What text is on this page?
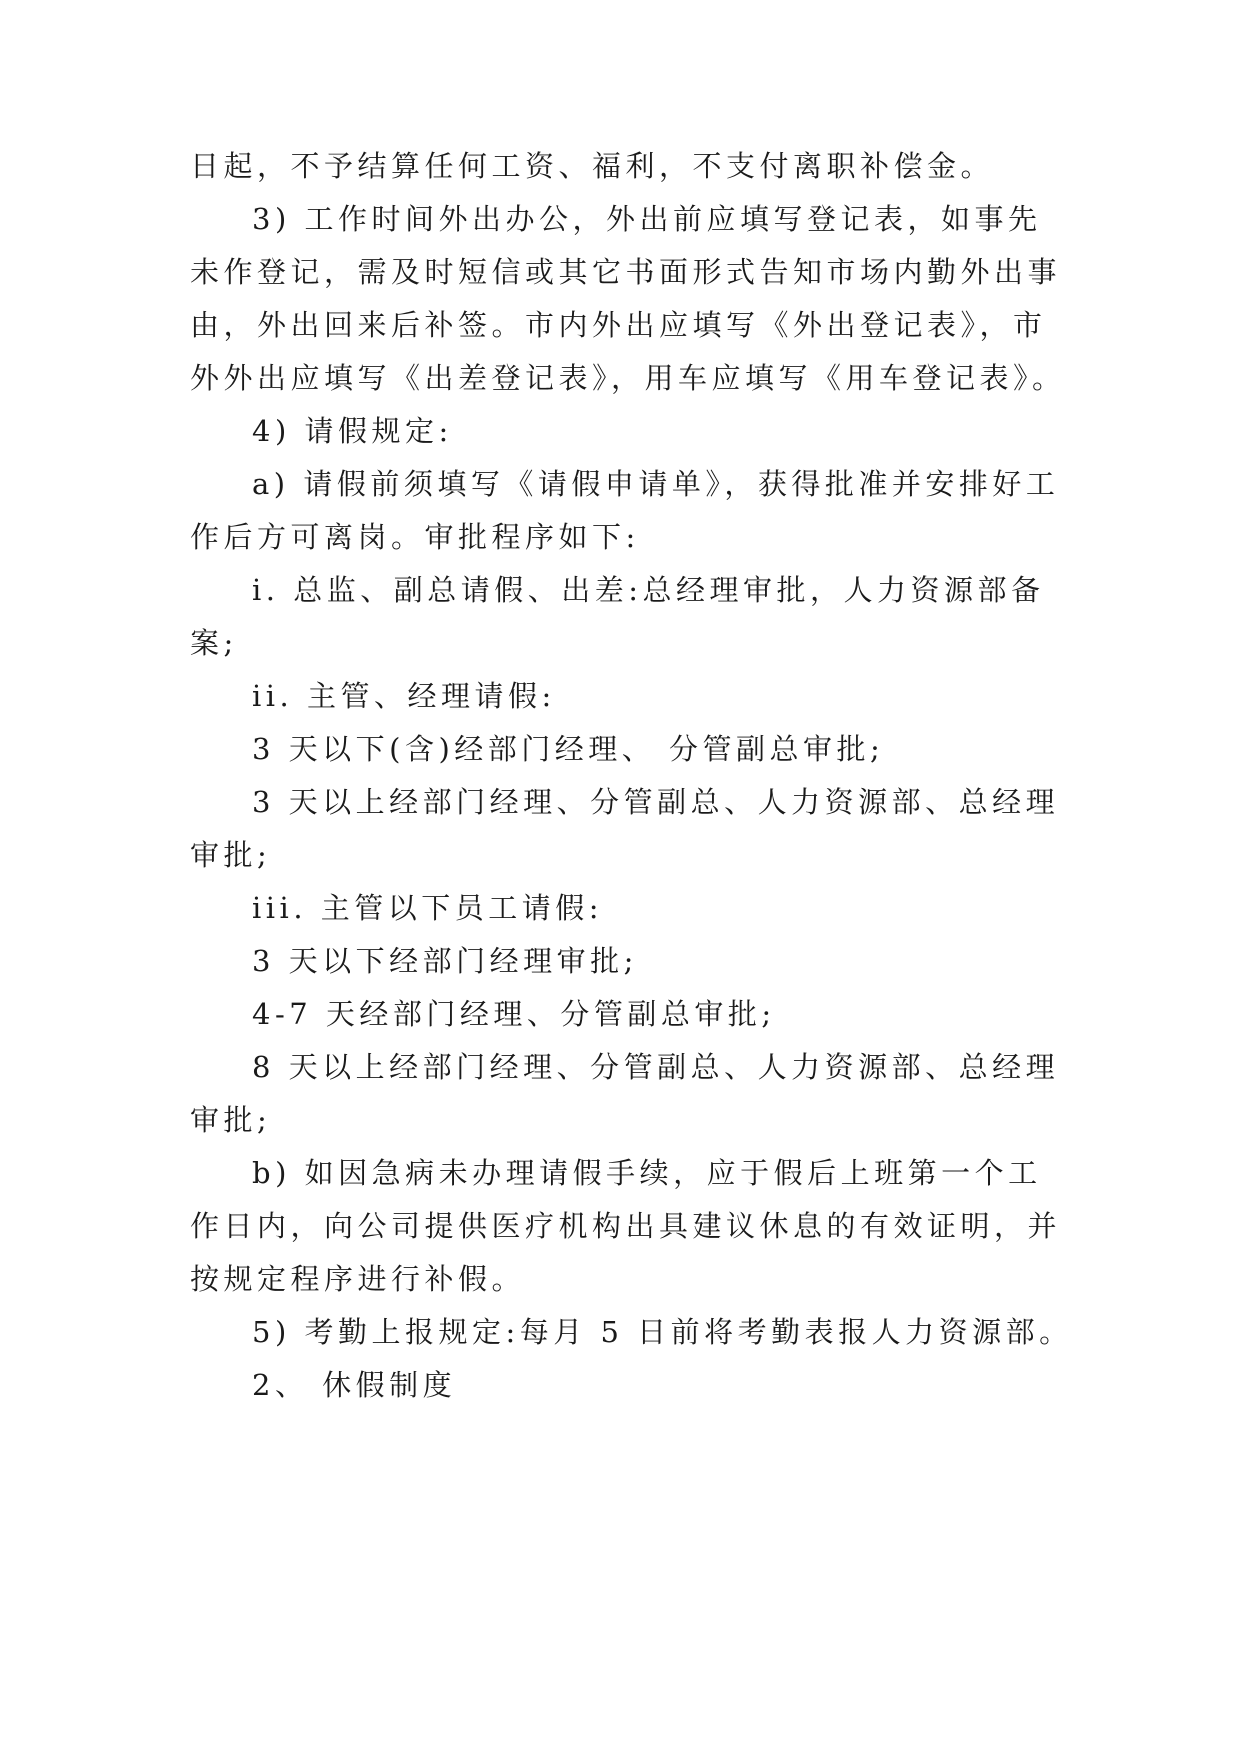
日起，不予结算任何工资、福利，不支付离职补偿金。
3) 工作时间外出办公，外出前应填写登记表，如事先
未作登记，需及时短信或其它书面形式告知市场内勤外出事
由，外出回来后补签。市内外出应填写《外出登记表》，市
外外出应填写《出差登记表》，用车应填写《用车登记表》。
4) 请假规定:
a) 请假前须填写《请假申请单》，获得批准并安排好工
作后方可离岗。审批程序如下:
i. 总监、副总请假、出差:总经理审批，人力资源部备
案;
ii. 主管、经理请假:
3 天以下(含)经部门经理、 分管副总审批;
3 天以上经部门经理、分管副总、人力资源部、总经理
审批;
iii. 主管以下员工请假:
3 天以下经部门经理审批;
4-7 天经部门经理、分管副总审批;
8 天以上经部门经理、分管副总、人力资源部、总经理
审批;
b) 如因急病未办理请假手续，应于假后上班第一个工
作日内，向公司提供医疗机构出具建议休息的有效证明，并
按规定程序进行补假。
5) 考勤上报规定:每月 5 日前将考勤表报人力资源部。
2、 休假制度
